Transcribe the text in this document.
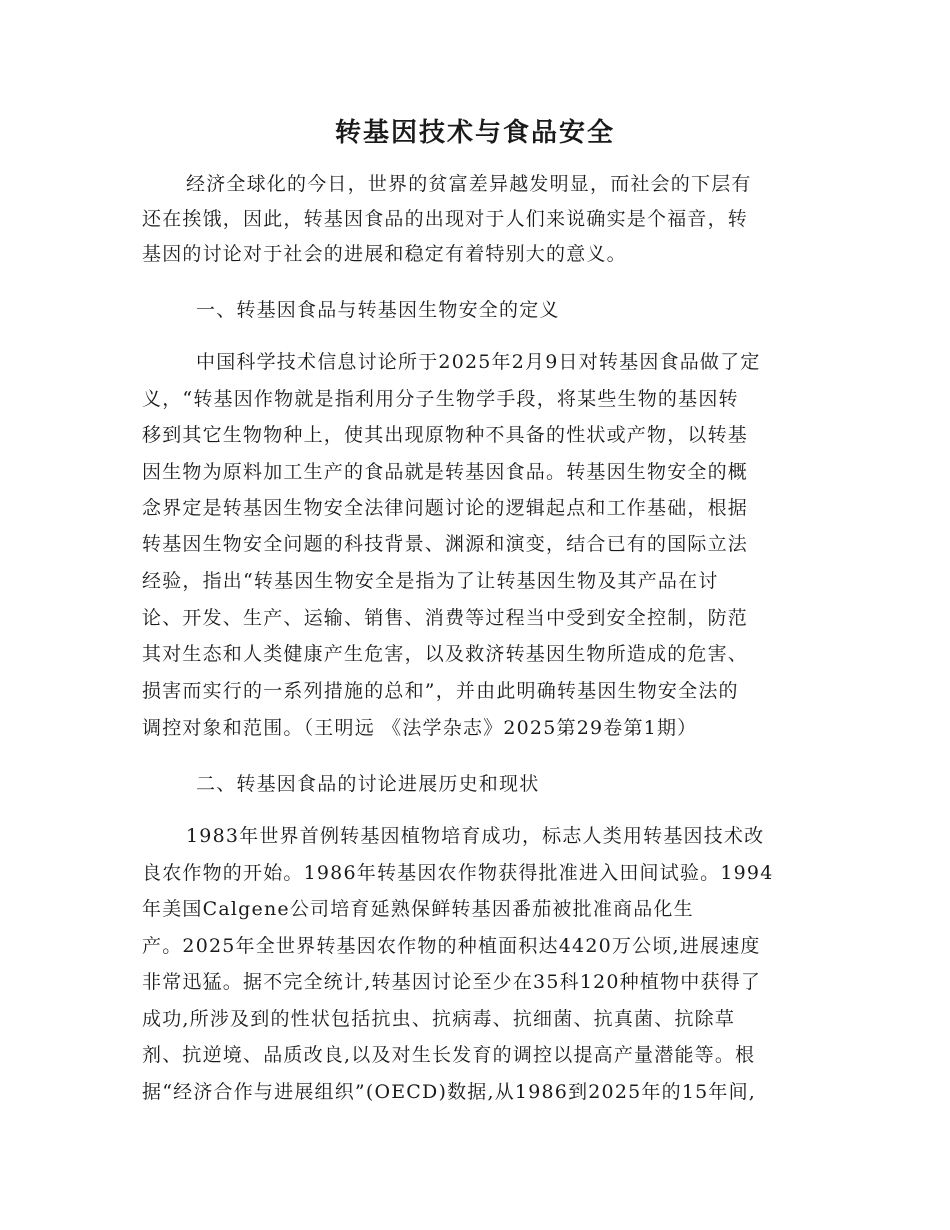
转基因技术与食品安全

经济全球化的今日，世界的贫富差异越发明显，而社会的下层有

还在挨饿，因此，转基因食品的出现对于人们来说确实是个福音，转

基因的讨论对于社会的进展和稳定有着特别大的意义。

一、转基因食品与转基因生物安全的定义

中国科学技术信息讨论所于2025年2月9日对转基因食品做了定

义，“转基因作物就是指利用分子生物学手段，将某些生物的基因转

移到其它生物物种上，使其出现原物种不具备的性状或产物，以转基

因生物为原料加工生产的食品就是转基因食品。转基因生物安全的概

念界定是转基因生物安全法律问题讨论的逻辑起点和工作基础，根据

转基因生物安全问题的科技背景、渊源和演变，结合已有的国际立法

经验，指出“转基因生物安全是指为了让转基因生物及其产品在讨

论、开发、生产、运输、销售、消费等过程当中受到安全控制，防范

其对生态和人类健康产生危害，以及救济转基因生物所造成的危害、

损害而实行的一系列措施的总和”，并由此明确转基因生物安全法的

调控对象和范围。（王明远 《法学杂志》2025第29卷第1期）

二、转基因食品的讨论进展历史和现状

1983年世界首例转基因植物培育成功，标志人类用转基因技术改

良农作物的开始。1986年转基因农作物获得批准进入田间试验。1994

年美国Calgene公司培育延熟保鲜转基因番茄被批准商品化生

产。2025年全世界转基因农作物的种植面积达4420万公顷,进展速度

非常迅猛。据不完全统计,转基因讨论至少在35科120种植物中获得了

成功,所涉及到的性状包括抗虫、抗病毒、抗细菌、抗真菌、抗除草

剂、抗逆境、品质改良,以及对生长发育的调控以提高产量潜能等。根

据“经济合作与进展组织”(OECD)数据,从1986到2025年的15年间,
